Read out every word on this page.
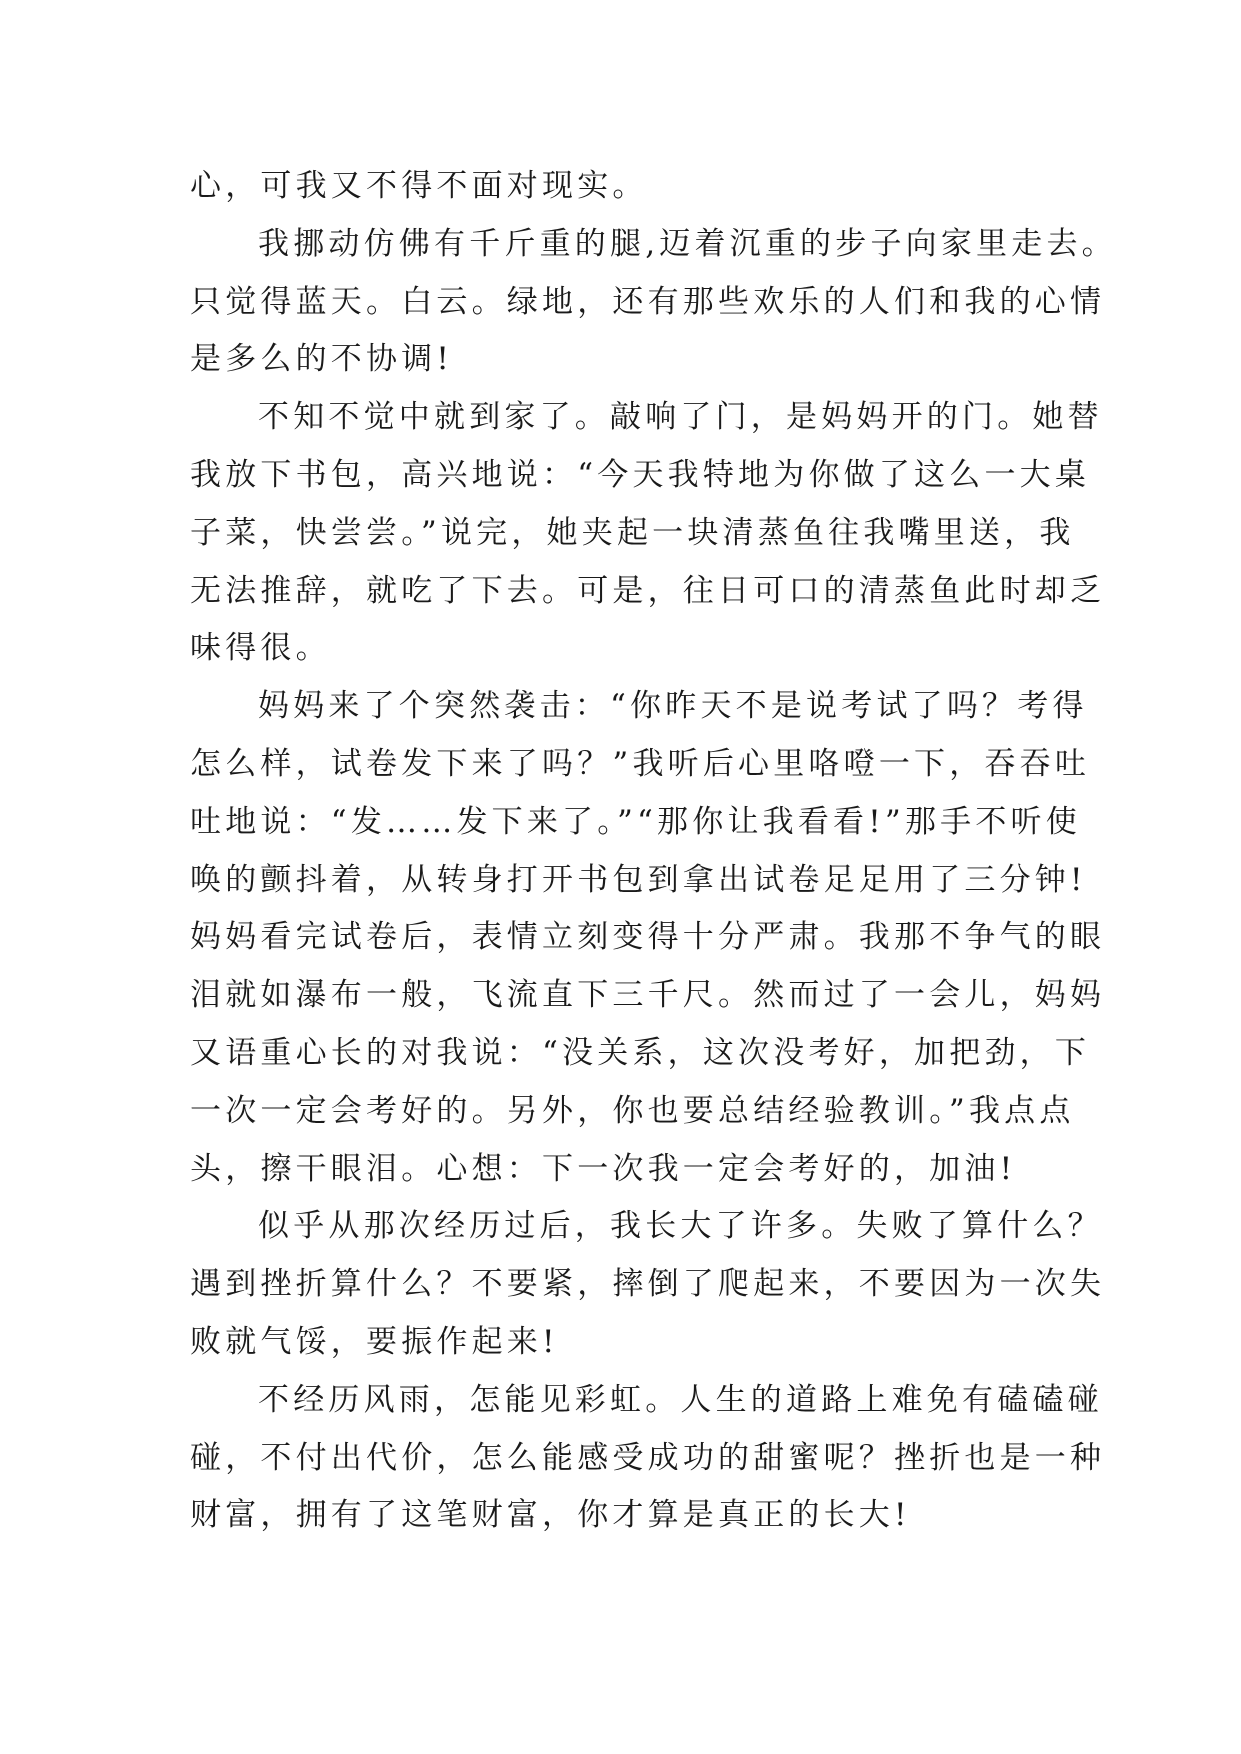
心，可我又不得不面对现实。
我挪动仿佛有千斤重的腿,迈着沉重的步子向家里走去。
只觉得蓝天。白云。绿地，还有那些欢乐的人们和我的心情
是多么的不协调!
不知不觉中就到家了。敲响了门，是妈妈开的门。她替
我放下书包，高兴地说：“今天我特地为你做了这么一大桌
子菜，快尝尝。”说完，她夹起一块清蒸鱼往我嘴里送，我
无法推辞，就吃了下去。可是，往日可口的清蒸鱼此时却乏
味得很。
妈妈来了个突然袭击：“你昨天不是说考试了吗？考得
怎么样，试卷发下来了吗？”我听后心里咯噔一下，吞吞吐
吐地说：“发……发下来了。”“那你让我看看!”那手不听使
唤的颤抖着，从转身打开书包到拿出试卷足足用了三分钟!
妈妈看完试卷后，表情立刻变得十分严肃。我那不争气的眼
泪就如瀑布一般，飞流直下三千尺。然而过了一会儿，妈妈
又语重心长的对我说：“没关系，这次没考好，加把劲，下
一次一定会考好的。另外，你也要总结经验教训。”我点点
头，擦干眼泪。心想：下一次我一定会考好的，加油!
似乎从那次经历过后，我长大了许多。失败了算什么？
遇到挫折算什么？不要紧，摔倒了爬起来，不要因为一次失
败就气馁，要振作起来!
不经历风雨，怎能见彩虹。人生的道路上难免有磕磕碰
碰，不付出代价，怎么能感受成功的甜蜜呢？挫折也是一种
财富，拥有了这笔财富，你才算是真正的长大!
